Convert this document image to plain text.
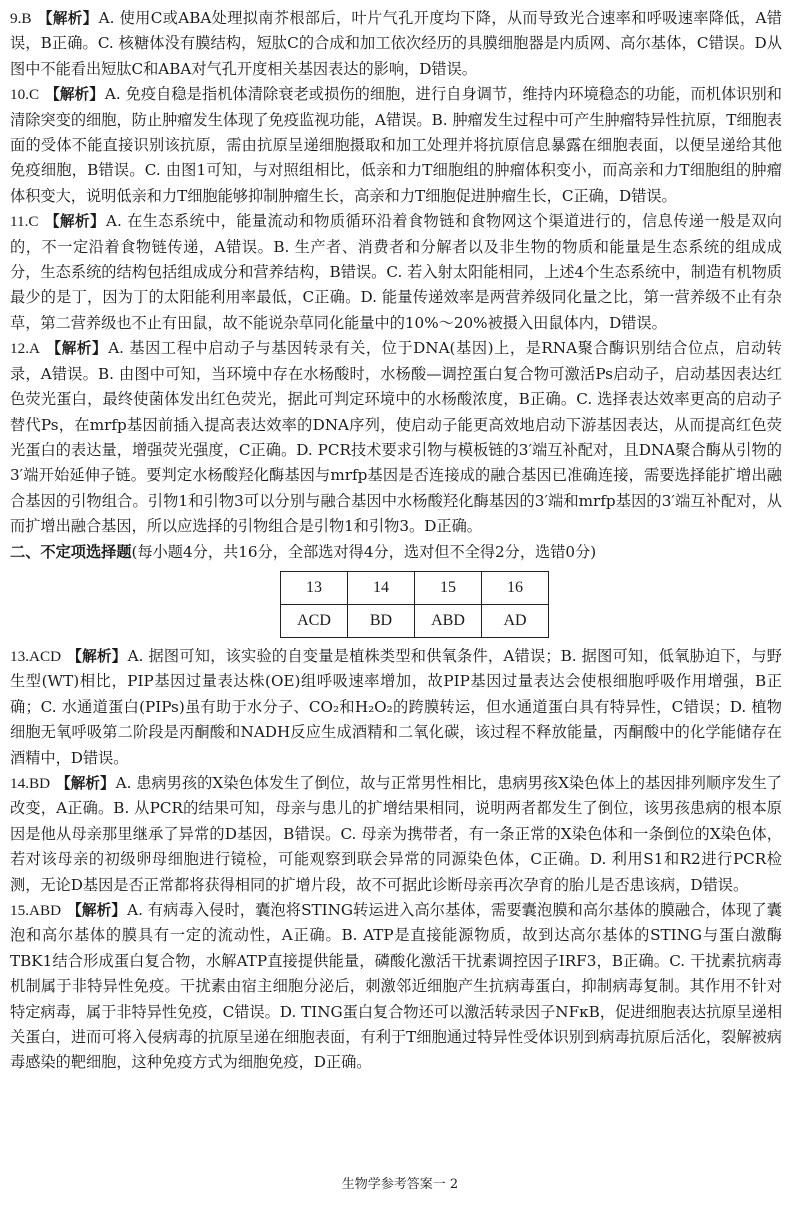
9.B 【解析】A. 使用C或ABA处理拟南芥根部后，叶片气孔开度均下降，从而导致光合速率和呼吸速率降低，A错误，B正确。C. 核糖体没有膜结构，短肽C的合成和加工依次经历的具膜细胞器是内质网、高尔基体，C错误。D从图中不能看出短肽C和ABA对气孔开度相关基因表达的影响，D错误。

10.C 【解析】A. 免疫自稳是指机体清除衰老或损伤的细胞，进行自身调节，维持内环境稳态的功能，而机体识别和清除突变的细胞，防止肿瘤发生体现了免疫监视功能，A错误。B. 肿瘤发生过程中可产生肿瘤特异性抗原，T细胞表面的受体不能直接识别该抗原，需由抗原呈递细胞摄取和加工处理并将抗原信息暴露在细胞表面，以便呈递给其他免疫细胞，B错误。C. 由图1可知，与对照组相比，低亲和力T细胞组的肿瘤体积变小，而高亲和力T细胞组的肿瘤体积变大，说明低亲和力T细胞能够抑制肿瘤生长，高亲和力T细胞促进肿瘤生长，C正确，D错误。

11.C 【解析】A. 在生态系统中，能量流动和物质循环沿着食物链和食物网这个渠道进行的，信息传递一般是双向的，不一定沿着食物链传递，A错误。B. 生产者、消费者和分解者以及非生物的物质和能量是生态系统的组成成分，生态系统的结构包括组成成分和营养结构，B错误。C. 若入射太阳能相同，上述4个生态系统中，制造有机物质最少的是丁，因为丁的太阳能利用率最低，C正确。D. 能量传递效率是两营养级同化量之比，第一营养级不止有杂草，第二营养级也不止有田鼠，故不能说杂草同化能量中的10%～20%被摄入田鼠体内，D错误。

12.A 【解析】A. 基因工程中启动子与基因转录有关，位于DNA(基因)上，是RNA聚合酶识别结合位点，启动转录，A错误。B. 由图中可知，当环境中存在水杨酸时，水杨酸—调控蛋白复合物可激活Ps启动子，启动基因表达红色荧光蛋白，最终使菌体发出红色荧光，据此可判定环境中的水杨酸浓度，B正确。C. 选择表达效率更高的启动子替代Ps，在mrfp基因前插入提高表达效率的DNA序列，使启动子能更高效地启动下游基因表达，从而提高红色荧光蛋白的表达量，增强荧光强度，C正确。D. PCR技术要求引物与模板链的3′端互补配对，且DNA聚合酶从引物的3′端开始延伸子链。要判定水杨酸羟化酶基因与mrfp基因是否连接成的融合基因已准确连接，需要选择能扩增出融合基因的引物组合。引物1和引物3可以分别与融合基因中水杨酸羟化酶基因的3′端和mrfp基因的3′端互补配对，从而扩增出融合基因，所以应选择的引物组合是引物1和引物3。D正确。

二、不定项选择题(每小题4分，共16分，全部选对得4分，选对但不全得2分，选错0分)

13	14	15	16
ACD	BD	ABD	AD

13.ACD 【解析】A. 据图可知，该实验的自变量是植株类型和供氧条件，A错误；B. 据图可知，低氧胁迫下，与野生型(WT)相比，PIP基因过量表达株(OE)组呼吸速率增加，故PIP基因过量表达会使根细胞呼吸作用增强，B正确；C. 水通道蛋白(PIPs)虽有助于水分子、CO₂和H₂O₂的跨膜转运，但水通道蛋白具有特异性，C错误；D. 植物细胞无氧呼吸第二阶段是丙酮酸和NADH反应生成酒精和二氧化碳，该过程不释放能量，丙酮酸中的化学能储存在酒精中，D错误。

14.BD 【解析】A. 患病男孩的X染色体发生了倒位，故与正常男性相比，患病男孩X染色体上的基因排列顺序发生了改变，A正确。B. 从PCR的结果可知，母亲与患儿的扩增结果相同，说明两者都发生了倒位，该男孩患病的根本原因是他从母亲那里继承了异常的D基因，B错误。C. 母亲为携带者，有一条正常的X染色体和一条倒位的X染色体，若对该母亲的初级卵母细胞进行镜检，可能观察到联会异常的同源染色体，C正确。D. 利用S1和R2进行PCR检测，无论D基因是否正常都将获得相同的扩增片段，故不可据此诊断母亲再次孕育的胎儿是否患该病，D错误。

15.ABD 【解析】A. 有病毒入侵时，囊泡将STING转运进入高尔基体，需要囊泡膜和高尔基体的膜融合，体现了囊泡和高尔基体的膜具有一定的流动性，A正确。B. ATP是直接能源物质，故到达高尔基体的STING与蛋白激酶TBK1结合形成蛋白复合物，水解ATP直接提供能量，磷酸化激活干扰素调控因子IRF3，B正确。C. 干扰素抗病毒机制属于非特异性免疫。干扰素由宿主细胞分泌后，刺激邻近细胞产生抗病毒蛋白，抑制病毒复制。其作用不针对特定病毒，属于非特异性免疫，C错误。D. TING蛋白复合物还可以激活转录因子NFκB，促进细胞表达抗原呈递相关蛋白，进而可将入侵病毒的抗原呈递在细胞表面，有利于T细胞通过特异性受体识别到病毒抗原后活化，裂解被病毒感染的靶细胞，这种免疫方式为细胞免疫，D正确。

生物学参考答案一 2
